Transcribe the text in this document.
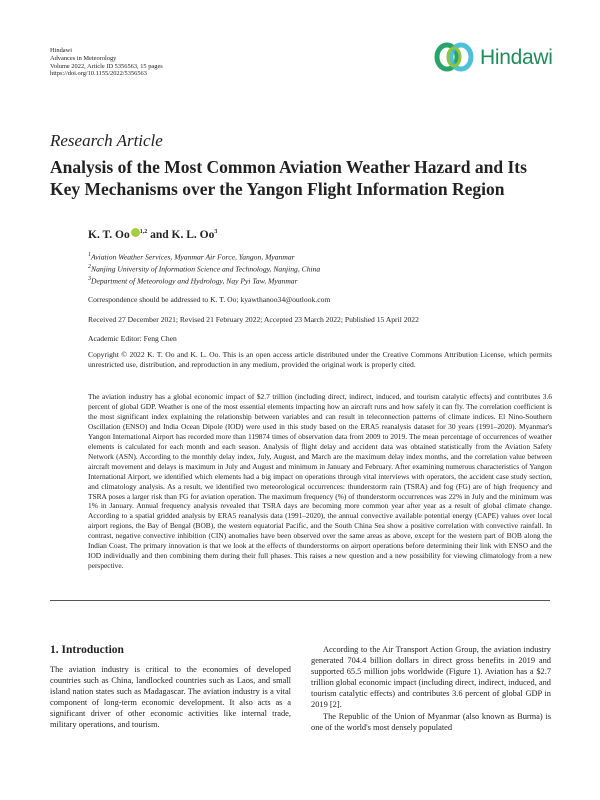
Hindawi
Advances in Meteorology
Volume 2022, Article ID 5356563, 15 pages
https://doi.org/10.1155/2022/5356563
Hindawi
Research Article
Analysis of the Most Common Aviation Weather Hazard and Its Key Mechanisms over the Yangon Flight Information Region
K. T. Oo $^{1,2}$ and K. L. Oo$^3$
$^1$Aviation Weather Services, Myanmar Air Force, Yangon, Myanmar
$^2$Nanjing University of Information Science and Technology, Nanjing, China
$^3$Department of Meteorology and Hydrology, Nay Pyi Taw, Myanmar
Correspondence should be addressed to K. T. Oo; kyawthanoo34@outlook.com
Received 27 December 2021; Revised 21 February 2022; Accepted 23 March 2022; Published 15 April 2022
Academic Editor: Feng Chen
Copyright © 2022 K. T. Oo and K. L. Oo. This is an open access article distributed under the Creative Commons Attribution License, which permits unrestricted use, distribution, and reproduction in any medium, provided the original work is properly cited.
The aviation industry has a global economic impact of $2.7 trillion (including direct, indirect, induced, and tourism catalytic effects) and contributes 3.6 percent of global GDP. Weather is one of the most essential elements impacting how an aircraft runs and how safely it can fly. The correlation coefficient is the most significant index explaining the relationship between variables and can result in teleconnection patterns of climate indices. El Nino-Southern Oscillation (ENSO) and India Ocean Dipole (IOD) were used in this study based on the ERA5 reanalysis dataset for 30 years (1991–2020). Myanmar's Yangon International Airport has recorded more than 119874 times of observation data from 2009 to 2019. The mean percentage of occurrences of weather elements is calculated for each month and each season. Analysis of flight delay and accident data was obtained statistically from the Aviation Safety Network (ASN). According to the monthly delay index, July, August, and March are the maximum delay index months, and the correlation value between aircraft movement and delays is maximum in July and August and minimum in January and February. After examining numerous characteristics of Yangon International Airport, we identified which elements had a big impact on operations through vital interviews with operators, the accident case study section, and climatology analysis. As a result, we identified two meteorological occurrences: thunderstorm rain (TSRA) and fog (FG) are of high frequency and TSRA poses a larger risk than FG for aviation operation. The maximum frequency (%) of thunderstorm occurrences was 22% in July and the minimum was 1% in January. Annual frequency analysis revealed that TSRA days are becoming more common year after year as a result of global climate change. According to a spatial gridded analysis by ERA5 reanalysis data (1991–2020), the annual convective available potential energy (CAPE) values over local airport regions, the Bay of Bengal (BOB), the western equatorial Pacific, and the South China Sea show a positive correlation with convective rainfall. In contrast, negative convective inhibition (CIN) anomalies have been observed over the same areas as above, except for the western part of BOB along the Indian Coast. The primary innovation is that we look at the effects of thunderstorms on airport operations before determining their link with ENSO and the IOD individually and then combining them during their full phases. This raises a new question and a new possibility for viewing climatology from a new perspective.
1. Introduction

The aviation industry is critical to the economies of developed countries such as China, landlocked countries such as Laos, and small island nation states such as Madagascar. The aviation industry is a vital component of long-term economic development. It also acts as a significant driver of other economic activities like internal trade, military operations, and tourism.

According to the Air Transport Action Group, the aviation industry generated 704.4 billion dollars in direct gross benefits in 2019 and supported 65.5 million jobs worldwide (Figure 1). Aviation has a $2.7 trillion global economic impact (including direct, indirect, induced, and tourism catalytic effects) and contributes 3.6 percent of global GDP in 2019 [2].

The Republic of the Union of Myanmar (also known as Burma) is one of the world's most densely populated
